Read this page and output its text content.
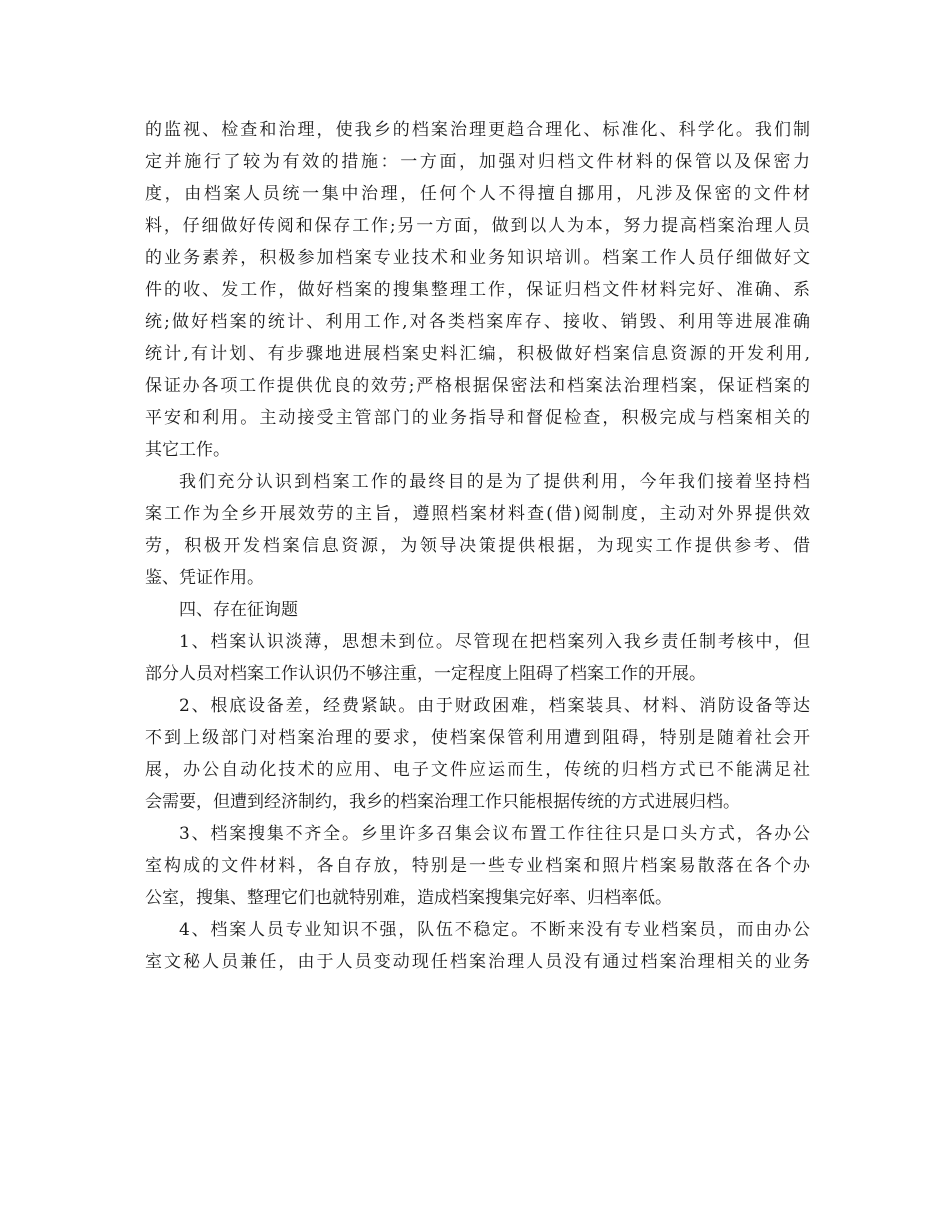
的监视、检查和治理，使我乡的档案治理更趋合理化、标准化、科学化。我们制
定并施行了较为有效的措施：一方面，加强对归档文件材料的保管以及保密力
度，由档案人员统一集中治理，任何个人不得擅自挪用，凡涉及保密的文件材
料，仔细做好传阅和保存工作;另一方面，做到以人为本，努力提高档案治理人员
的业务素养，积极参加档案专业技术和业务知识培训。档案工作人员仔细做好文
件的收、发工作，做好档案的搜集整理工作，保证归档文件材料完好、准确、系
统;做好档案的统计、利用工作,对各类档案库存、接收、销毁、利用等进展准确
统计,有计划、有步骤地进展档案史料汇编，积极做好档案信息资源的开发利用,
保证办各项工作提供优良的效劳;严格根据保密法和档案法治理档案，保证档案的
平安和利用。主动接受主管部门的业务指导和督促检查，积极完成与档案相关的
其它工作。
我们充分认识到档案工作的最终目的是为了提供利用，今年我们接着坚持档
案工作为全乡开展效劳的主旨，遵照档案材料查(借)阅制度，主动对外界提供效
劳，积极开发档案信息资源，为领导决策提供根据，为现实工作提供参考、借
鉴、凭证作用。
四、存在征询题
1、档案认识淡薄，思想未到位。尽管现在把档案列入我乡责任制考核中，但
部分人员对档案工作认识仍不够注重，一定程度上阻碍了档案工作的开展。
2、根底设备差，经费紧缺。由于财政困难，档案装具、材料、消防设备等达
不到上级部门对档案治理的要求，使档案保管利用遭到阻碍，特别是随着社会开
展，办公自动化技术的应用、电子文件应运而生，传统的归档方式已不能满足社
会需要，但遭到经济制约，我乡的档案治理工作只能根据传统的方式进展归档。
3、档案搜集不齐全。乡里许多召集会议布置工作往往只是口头方式，各办公
室构成的文件材料，各自存放，特别是一些专业档案和照片档案易散落在各个办
公室，搜集、整理它们也就特别难，造成档案搜集完好率、归档率低。
4、档案人员专业知识不强，队伍不稳定。不断来没有专业档案员，而由办公
室文秘人员兼任，由于人员变动现任档案治理人员没有通过档案治理相关的业务
